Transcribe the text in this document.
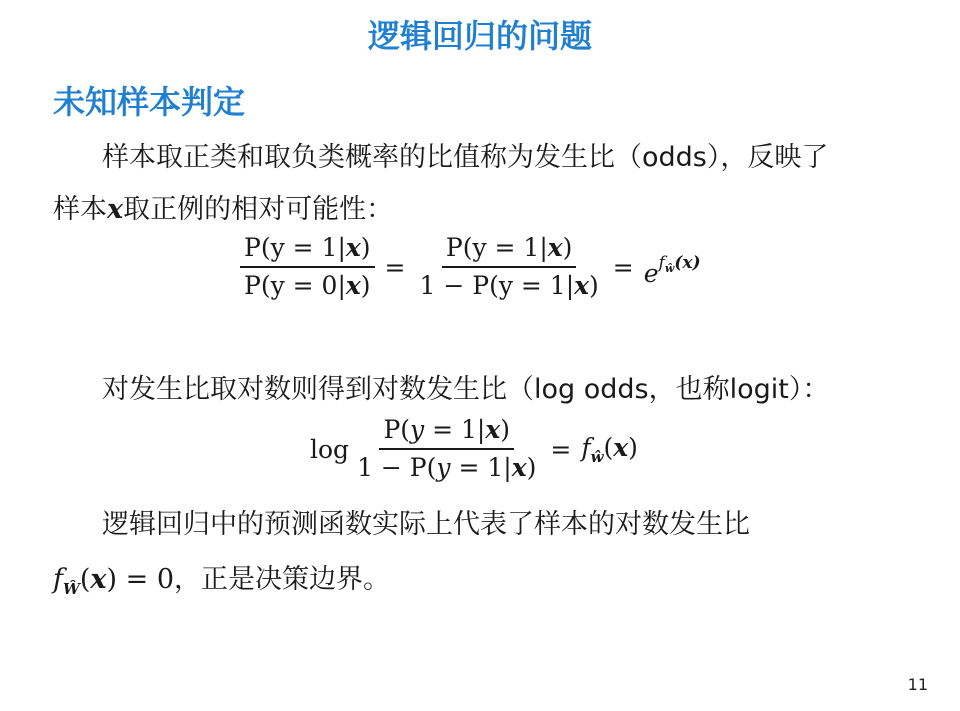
逻辑回归的问题
未知样本判定
样本取正类和取负类概率的比值称为发生比（odds），反映了
样本x取正例的相对可能性：
$\frac{P(y = 1|x)}{P(y = 0|x)} = \frac{P(y = 1|x)}{1 - P(y = 1|x)} = e^{f_ŵ(x)}$
对发生比取对数则得到对数发生比（log odds，也称logit）：
$\log \frac{P(y = 1|x)}{1 - P(y = 1|x)} = f_ŵ(x)$
逻辑回归中的预测函数实际上代表了样本的对数发生比
$f_Ŵ(x) = 0$，正是决策边界。
11
